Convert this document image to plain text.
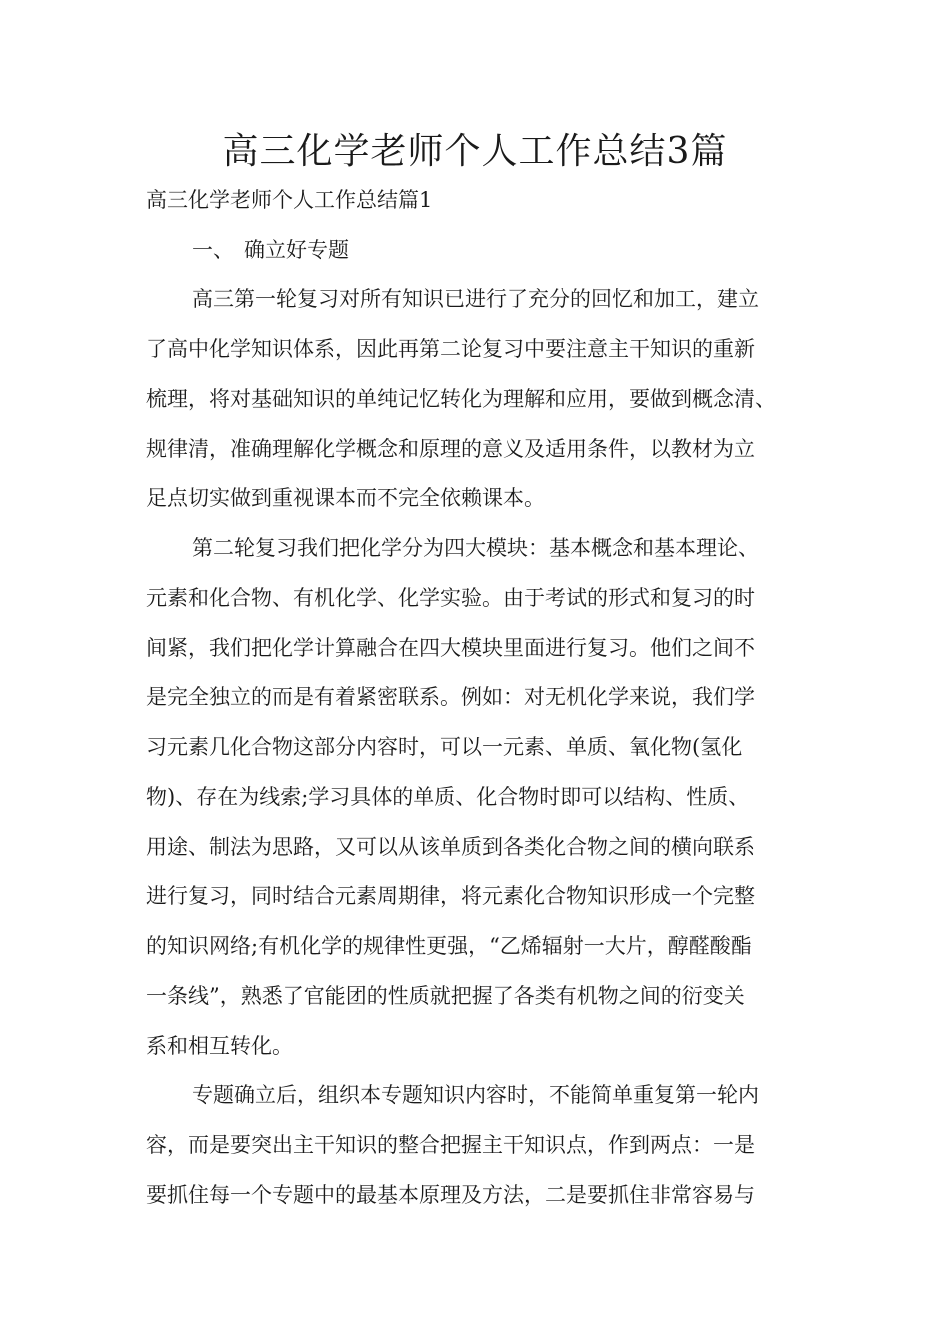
高三化学老师个人工作总结3篇

高三化学老师个人工作总结篇1

一、 确立好专题

高三第一轮复习对所有知识已进行了充分的回忆和加工，建立

了高中化学知识体系，因此再第二论复习中要注意主干知识的重新

梳理，将对基础知识的单纯记忆转化为理解和应用，要做到概念清、

规律清，准确理解化学概念和原理的意义及适用条件，以教材为立

足点切实做到重视课本而不完全依赖课本。

第二轮复习我们把化学分为四大模块：基本概念和基本理论、

元素和化合物、有机化学、化学实验。由于考试的形式和复习的时

间紧，我们把化学计算融合在四大模块里面进行复习。他们之间不

是完全独立的而是有着紧密联系。例如：对无机化学来说，我们学

习元素几化合物这部分内容时，可以一元素、单质、氧化物(氢化

物)、存在为线索;学习具体的单质、化合物时即可以结构、性质、

用途、制法为思路，又可以从该单质到各类化合物之间的横向联系

进行复习，同时结合元素周期律，将元素化合物知识形成一个完整

的知识网络;有机化学的规律性更强，“乙烯辐射一大片，醇醛酸酯

一条线”，熟悉了官能团的性质就把握了各类有机物之间的衍变关

系和相互转化。

专题确立后，组织本专题知识内容时，不能简单重复第一轮内

容，而是要突出主干知识的整合把握主干知识点，作到两点：一是

要抓住每一个专题中的最基本原理及方法，二是要抓住非常容易与
